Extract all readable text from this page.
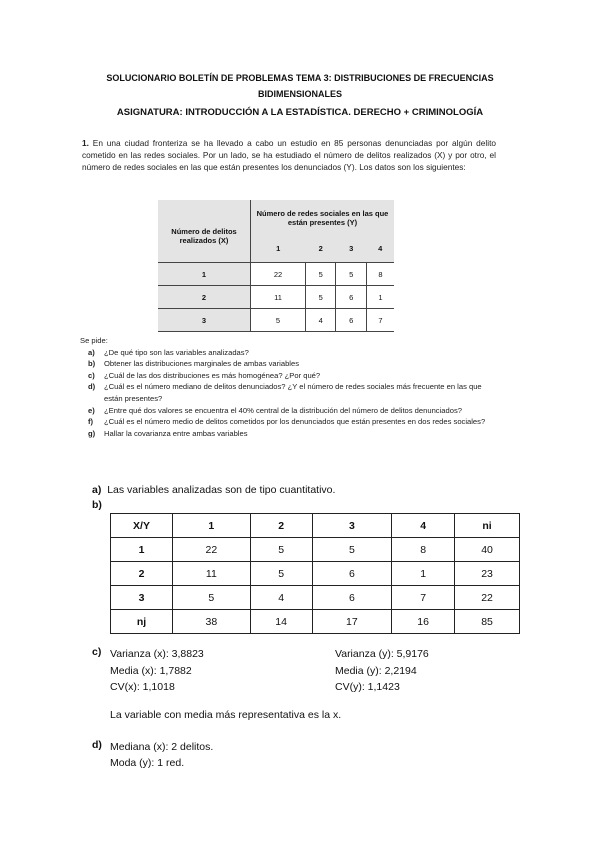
SOLUCIONARIO BOLETÍN DE PROBLEMAS TEMA 3: DISTRIBUCIONES DE FRECUENCIAS
BIDIMENSIONALES
ASIGNATURA: INTRODUCCIÓN A LA ESTADÍSTICA. DERECHO + CRIMINOLOGÍA
1. En una ciudad fronteriza se ha llevado a cabo un estudio en 85 personas denunciadas por algún delito cometido en las redes sociales. Por un lado, se ha estudiado el número de delitos realizados (X) y por otro, el número de redes sociales en las que están presentes los denunciados (Y). Los datos son los siguientes:
Número de delitos realizados (X)	Número de redes sociales en las que están presentes (Y)			
	1	2	3	4
1	22	5	5	8
2	11	5	6	1
3	5	4	6	7
Se pide:
a)	¿De qué tipo son las variables analizadas?
b)	Obtener las distribuciones marginales de ambas variables
c)	¿Cuál de las dos distribuciones es más homogénea? ¿Por qué?
d)	¿Cuál es el número mediano de delitos denunciados? ¿Y el número de redes sociales más frecuente en las que están presentes?
e)	¿Entre qué dos valores se encuentra el 40% central de la distribución del número de delitos denunciados?
f)	¿Cuál es el número medio de delitos cometidos por los denunciados que están presentes en dos redes sociales?
g)	Hallar la covarianza entre ambas variables
a) Las variables analizadas son de tipo cuantitativo.
b)
X/Y	1	2	3	4	ni
1	22	5	5	8	40
2	11	5	6	1	23
3	5	4	6	7	22
nj	38	14	17	16	85
c) Varianza (x): 3,8823
Media (x): 1,7882
CV(x): 1,1018
Varianza (y): 5,9176
Media (y): 2,2194
CV(y): 1,1423
La variable con media más representativa es la x.
d) Mediana (x): 2 delitos.
Moda (y): 1 red.
